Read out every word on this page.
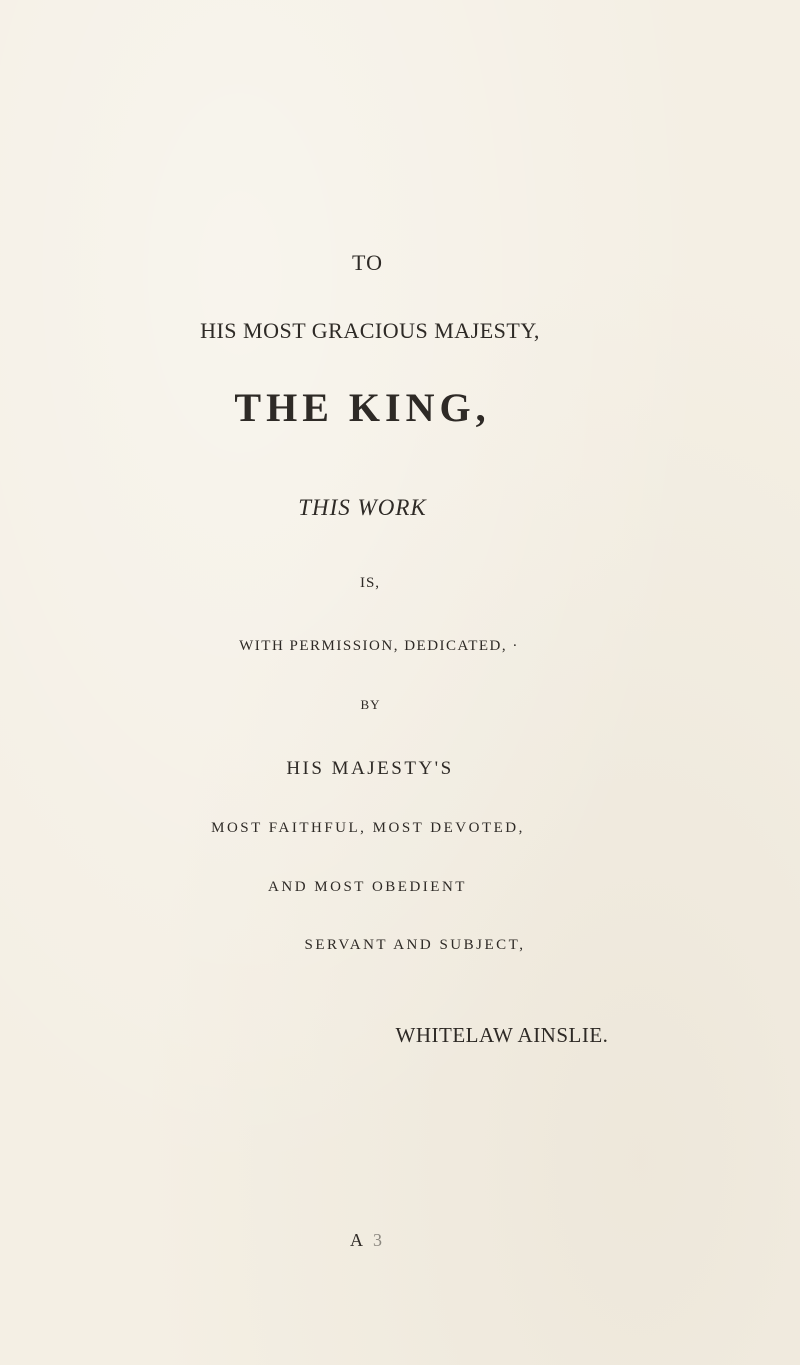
TO
HIS MOST GRACIOUS MAJESTY,
THE KING,
THIS WORK
IS,
WITH PERMISSION, DEDICATED, ·
BY
HIS MAJESTY'S
MOST FAITHFUL, MOST DEVOTED,
AND MOST OBEDIENT
SERVANT AND SUBJECT,
WHITELAW AINSLIE.
A3
